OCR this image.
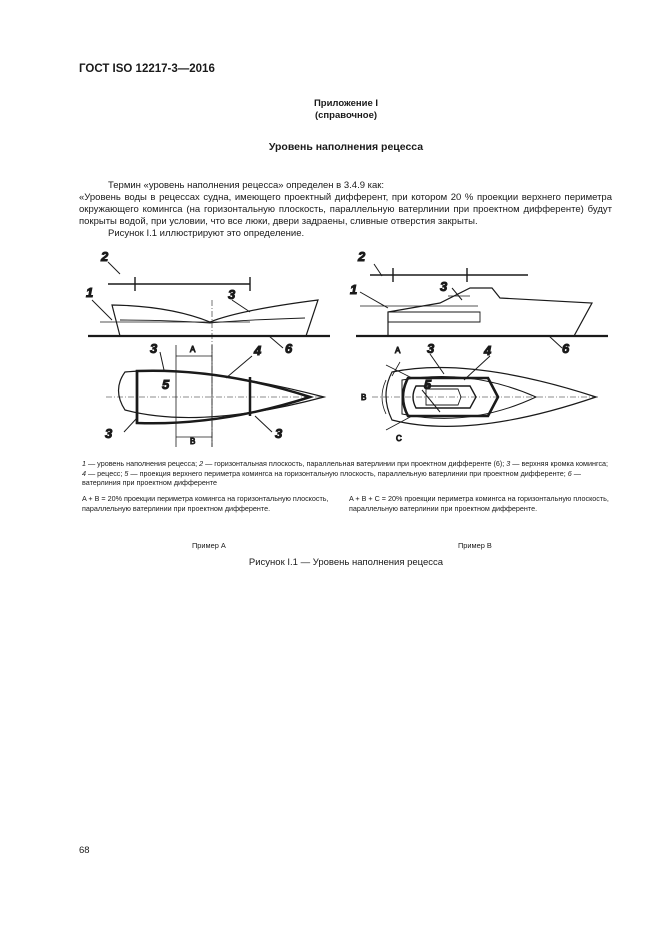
ГОСТ ISO 12217-3—2016
Приложение I
(справочное)
Уровень наполнения рецесса
Термин «уровень наполнения рецесса» определен в 3.4.9 как:
«Уровень воды в рецессах судна, имеющего проектный дифферент, при котором 20 % проекции верхнего периметра окружающего комингса (на горизонтальную плоскость, параллельную ватерлинии при проектном дифференте) будут покрыты водой, при условии, что все люки, двери задраены, сливные отверстия закрыты.
Рисунок I.1 иллюстрируют это определение.
2
1	3
6
3	4
5
3	3
А
В
2
1	3
6
3	4
5
А
В
С
1 — уровень наполнения рецесса; 2 — горизонтальная плоскость, параллельная ватерлинии при проектном дифференте (6); 3 — верхняя кромка комингса; 4 — рецесс; 5 — проекция верхнего периметра комингса на горизонтальную плоскость, параллельную ватерлинии при проектном дифференте; 6 — ватерлиния при проектном дифференте
A + B = 20% проекции периметра комингса на горизонтальную плоскость, параллельную ватерлинии при проектном дифференте.
A + B + C = 20% проекции периметра комингса на горизонтальную плоскость, параллельную ватерлинии при проектном дифференте.
Пример А	Пример В
Рисунок I.1 — Уровень наполнения рецесса
68
